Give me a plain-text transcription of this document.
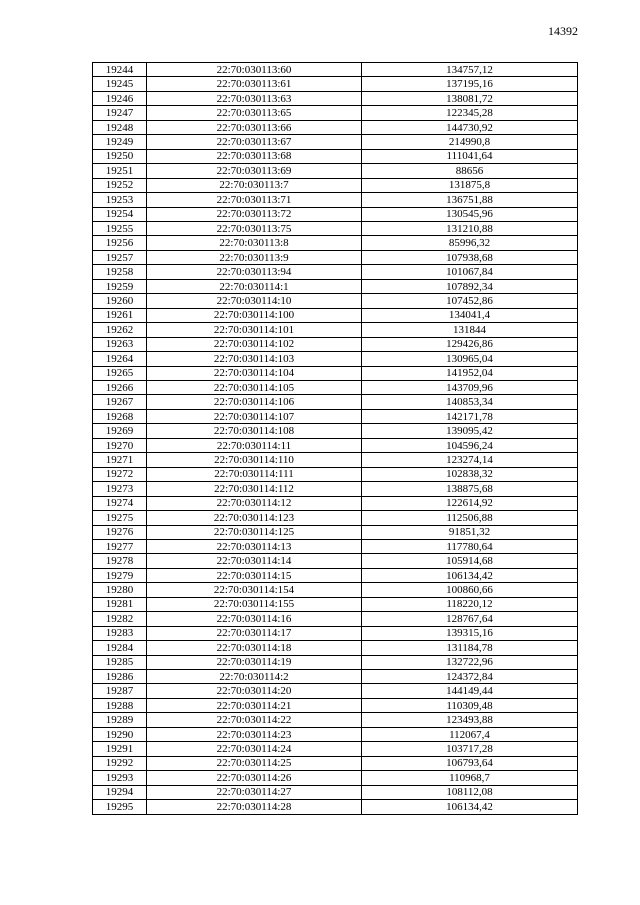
14392
19244	22:70:030113:60	134757,12
19245	22:70:030113:61	137195,16
19246	22:70:030113:63	138081,72
19247	22:70:030113:65	122345,28
19248	22:70:030113:66	144730,92
19249	22:70:030113:67	214990,8
19250	22:70:030113:68	111041,64
19251	22:70:030113:69	88656
19252	22:70:030113:7	131875,8
19253	22:70:030113:71	136751,88
19254	22:70:030113:72	130545,96
19255	22:70:030113:75	131210,88
19256	22:70:030113:8	85996,32
19257	22:70:030113:9	107938,68
19258	22:70:030113:94	101067,84
19259	22:70:030114:1	107892,34
19260	22:70:030114:10	107452,86
19261	22:70:030114:100	134041,4
19262	22:70:030114:101	131844
19263	22:70:030114:102	129426,86
19264	22:70:030114:103	130965,04
19265	22:70:030114:104	141952,04
19266	22:70:030114:105	143709,96
19267	22:70:030114:106	140853,34
19268	22:70:030114:107	142171,78
19269	22:70:030114:108	139095,42
19270	22:70:030114:11	104596,24
19271	22:70:030114:110	123274,14
19272	22:70:030114:111	102838,32
19273	22:70:030114:112	138875,68
19274	22:70:030114:12	122614,92
19275	22:70:030114:123	112506,88
19276	22:70:030114:125	91851,32
19277	22:70:030114:13	117780,64
19278	22:70:030114:14	105914,68
19279	22:70:030114:15	106134,42
19280	22:70:030114:154	100860,66
19281	22:70:030114:155	118220,12
19282	22:70:030114:16	128767,64
19283	22:70:030114:17	139315,16
19284	22:70:030114:18	131184,78
19285	22:70:030114:19	132722,96
19286	22:70:030114:2	124372,84
19287	22:70:030114:20	144149,44
19288	22:70:030114:21	110309,48
19289	22:70:030114:22	123493,88
19290	22:70:030114:23	112067,4
19291	22:70:030114:24	103717,28
19292	22:70:030114:25	106793,64
19293	22:70:030114:26	110968,7
19294	22:70:030114:27	108112,08
19295	22:70:030114:28	106134,42
